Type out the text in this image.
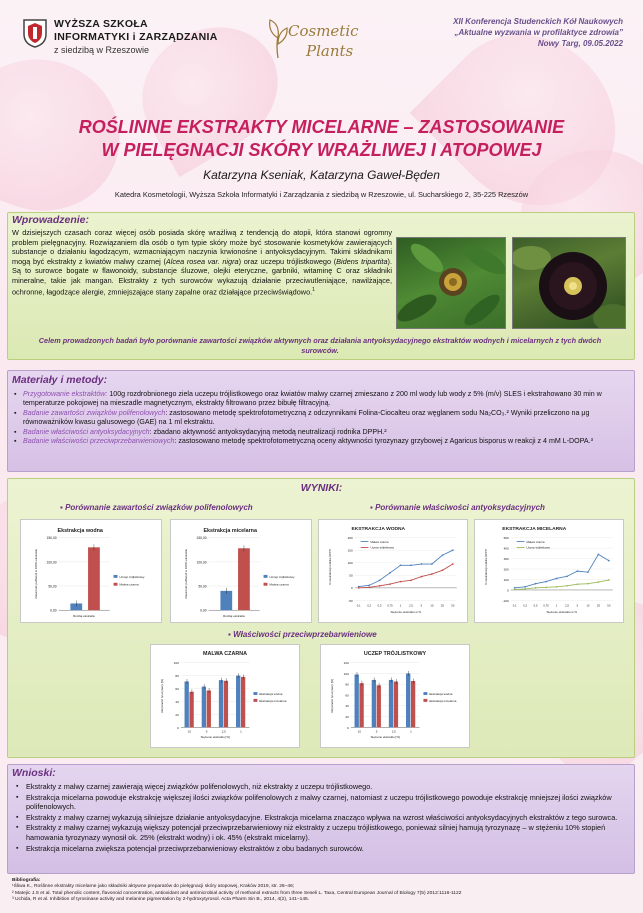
WYŻSZA SZKOŁA
INFORMATYKI i ZARZĄDZANIA
z siedzibą w Rzeszowie
Cosmetic
Plants
XII Konferencja Studenckich Kół Naukowych
„Aktualne wyzwania w profilaktyce zdrowia”
Nowy Targ, 09.05.2022
ROŚLINNE EKSTRAKTY MICELARNE – ZASTOSOWANIE
W PIELĘGNACJI SKÓRY WRAŻLIWEJ I ATOPOWEJ
Katarzyna Kseniak, Katarzyna Gaweł-Będen
Katedra Kosmetologii, Wyższa Szkoła Informatyki i Zarządzania z siedzibą w Rzeszowie, ul. Sucharskiego 2, 35-225 Rzeszów
Wprowadzenie:
W dzisiejszych czasach coraz więcej osób posiada skórę wrażliwą z tendencją do atopii, która stanowi ogromny problem pielęgnacyjny. Rozwiązaniem dla osób o tym typie skóry może być stosowanie kosmetyków zawierających substancje o działaniu łagodzącym, wzmacniającym naczynia krwionośne i antyoksydacyjnym. Takimi składnikami mogą być ekstrakty z kwiatów malwy czarnej (Alcea rosea var. nigra) oraz uczepu trójlistkowego (Bidens tripartita). Są to surowce bogate w flawonoidy, substancje śluzowe, olejki eteryczne, garbniki, witaminę C oraz składniki mineralne, takie jak mangan. Ekstrakty z tych surowców wykazują działanie przeciwutleniające, nawilżające, ochronne, łagodzące alergie, zmniejszające stany zapalne oraz działające przeciwświądowo.$^1$
Celem prowadzonych badań było porównanie zawartości związków aktywnych oraz działania antyoksydacyjnego ekstraktów wodnych i micelarnych z tych dwóch surowców.
Materiały i metody:
▪ Przygotowanie ekstraktów: 100g rozdrobnionego ziela uczepu trójlistkowego oraz kwiatów malwy czarnej zmieszano z 200 ml wody lub wody z 5% (m/v) SLES i ekstrahowano 30 min w temperaturze pokojowej na mieszadle magnetycznym, ekstrakty filtrowano przez bibułę filtracyjną.
▪ Badanie zawartości związków polifenolowych: zastosowano metodę spektrofotometryczną z odczynnikami Folina-Ciocalteu oraz węglanem sodu Na₂CO₃.² Wyniki przeliczono na μg równoważników kwasu galusowego (GAE) na 1 ml ekstraktu.
▪ Badanie właściwości antyoksydacyjnych: zbadano aktywność antyoksydacyjną metodą neutralizacji rodnika DPPH.²
▪ Badanie właściwości przeciwprzebarwieniowych: zastosowano metodę spektrofotometryczną oceny aktywności tyrozynazy grzybowej z Agaricus bisporus w reakcji z 4 mM L-DOPA.³
WYNIKI:
▪ Porównanie zawartości związków polifenolowych	▪ Porównanie właściwości antyoksydacyjnych
▪ Właściwości przeciwprzebarwieniowe
Ekstrakcja wodna
0,00
50,00
100,00
150,00
Zawartość polifenoli w 100% ekstraktu	Uczep trójlistkowy
Malwa czarna
Rodzaj ekstraktu
Ekstrakcja micelarna
0,00
50,00
100,00
150,00
Zawartość polifenoli w 100% ekstraktu	Uczep trójlistkowy
Malwa czarna
Rodzaj ekstraktu
EKSTRAKCJA WODNA
-50
0
50
100
150
200
0,1 0,2 0,5 0,75	1	2,5	5	10	25	50
% neutralizacji rodnika DPPH
Stężenie ekstraktu w %
Malwa czarna
Uczep trójlistkowy
EKSTRAKCJA MICELARNA
-100
0
100
200
300
400
500
0,1 0,2 0,5 0,75	1	2,5	5	10	25	50
% neutralizacji rodnika DPPH
Stężenie ekstraktu w %
Malwa czarna
Uczep trójlistkowy
MALWA CZARNA
0
20
40
60
80
100
Aktywność tyrozynazy [%]
10	5	2,5	1
Ekstrakcja wodna
Ekstrakcja micelarna
Stężenie ekstraktu [%]
UCZEP TRÓJLISTKOWY
0
20
40
60
80
100
120
Aktywność tyrozynazy [%]
10	5	2,5	1
Ekstrakcja wodna
Ekstrakcja micelarna
Stężenie ekstraktu [%]
Wnioski:
▪ Ekstrakty z malwy czarnej zawierają więcej związków polifenolowych, niż ekstrakty z uczepu trójlistkowego.
▪ Ekstrakcja micelarna powoduje ekstrakcję większej ilości związków polifenolowych z malwy czarnej, natomiast z uczepu trójlistkowego powoduje ekstrakcję mniejszej ilości związków polifenolowych.
▪ Ekstrakty z malwy czarnej wykazują silniejsze działanie antyoksydacyjne. Ekstrakcja micelarna znacząco wpływa na wzrost właściwości antyoksydacyjnych ekstraktów z tego surowca.
▪ Ekstrakty z malwy czarnej wykazują większy potencjał przeciwprzebarwieniowy niż ekstrakty z uczepu trójlistkowego, ponieważ silniej hamują tyrozynazę – w stężeniu 10% stopień hamowania tyrozynazy wynosił ok. 25% (ekstrakt wodny) i ok. 45% (ekstrakt micelarny).
▪ Ekstrakcja micelarna zwiększa potencjał przeciwprzebarwieniowy ekstraktów z obu badanych surowców.
Bibliografia:
¹Śliwa K., Roślinne ekstrakty micelarne jako składniki aktywne preparatów do pielęgnacji skóry atopowej, Kraków 2019, str. 26–46;
² Matejic J.S et al. Total phenolic content, flavonoid concentration, antioxidant and antimicrobial activity of methanol extracts from three Seseli L. Taxa, Central European Journal of Biology 7(5) 2012:1116-1122
³ Uchida, R et al. Inhibition of tyrosinase activity and melanine pigmentation by 2-hydroxytyrosol. Acta Pharm Sin B., 2014, 4(2), 141–145.
